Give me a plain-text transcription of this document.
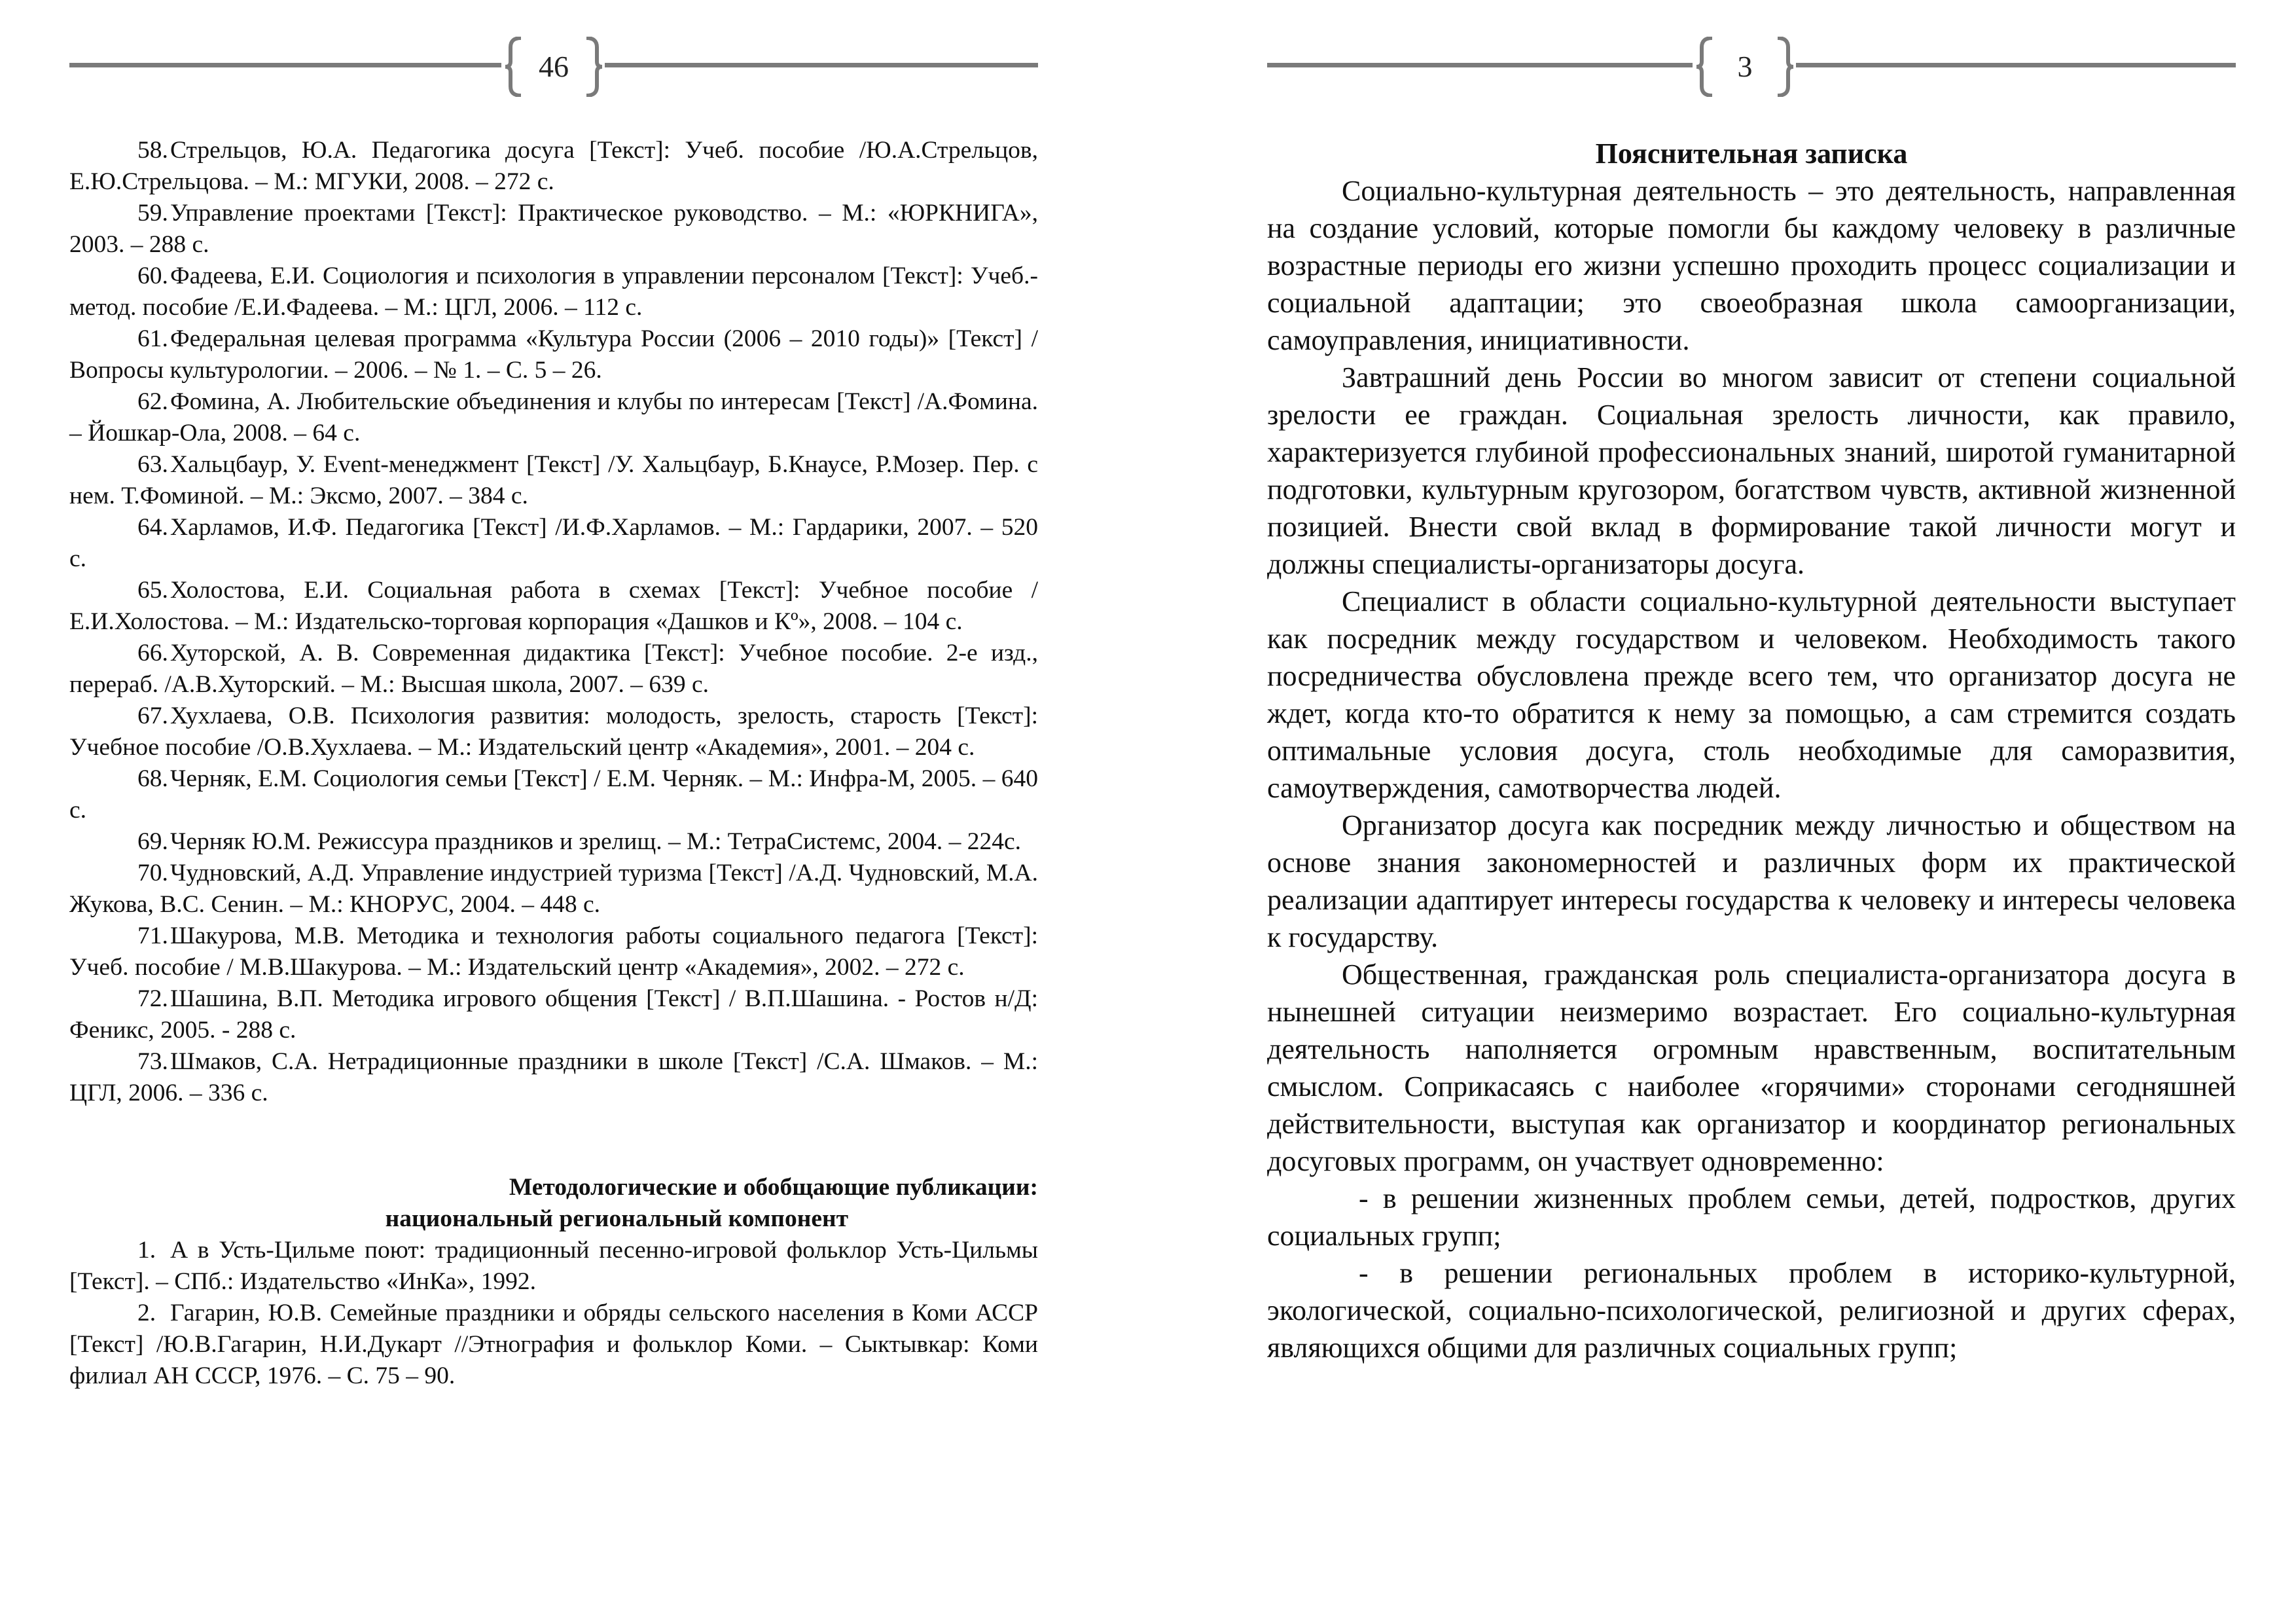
46

58.Стрельцов, Ю.А. Педагогика досуга [Текст]: Учеб. пособие /Ю.А.Стрельцов, Е.Ю.Стрельцова. – М.: МГУКИ, 2008. – 272 с.

59.Управление проектами [Текст]: Практическое руководство. – М.: «ЮРКНИГА», 2003. – 288 с.

60.Фадеева, Е.И. Социология и психология в управлении персоналом [Текст]: Учеб.-метод. пособие /Е.И.Фадеева. – М.: ЦГЛ, 2006. – 112 с.

61.Федеральная целевая программа «Культура России (2006 – 2010 годы)» [Текст] /Вопросы культурологии. – 2006. – № 1. – С. 5 – 26.

62.Фомина, А. Любительские объединения и клубы по интересам [Текст] /А.Фомина. – Йошкар-Ола, 2008. – 64 с.

63.Хальцбаур, У. Event-менеджмент [Текст] /У. Хальцбаур, Б.Кнаусе, Р.Мозер. Пер. с нем. Т.Фоминой. – М.: Эксмо, 2007. – 384 с.

64.Харламов, И.Ф. Педагогика [Текст] /И.Ф.Харламов. – М.: Гардарики, 2007. – 520 с.

65.Холостова, Е.И. Социальная работа в схемах [Текст]: Учебное пособие /Е.И.Холостова. – М.: Издательско-торговая корпорация «Дашков и Кº», 2008. – 104 с.

66.Хуторской, А. В. Современная дидактика [Текст]: Учебное пособие. 2-е изд., перераб. /А.В.Хуторский. – М.: Высшая школа, 2007. – 639 с.

67.Хухлаева, О.В. Психология развития: молодость, зрелость, старость [Текст]: Учебное пособие /О.В.Хухлаева. – М.: Издательский центр «Академия», 2001. – 204 с.

68.Черняк, Е.М. Социология семьи [Текст] / Е.М. Черняк. – М.: Инфра-М, 2005. – 640 с.

69.Черняк Ю.М. Режиссура праздников и зрелищ. – М.: ТетраСистемс, 2004. – 224с.

70.Чудновский, А.Д. Управление индустрией туризма [Текст] /А.Д. Чудновский, М.А. Жукова, В.С. Сенин. – М.: КНОРУС, 2004. – 448 с.

71.Шакурова, М.В. Методика и технология работы социального педагога [Текст]: Учеб. пособие / М.В.Шакурова. – М.: Издательский центр «Академия», 2002. – 272 с.

72.Шашина, В.П. Методика игрового общения [Текст] / В.П.Шашина. - Ростов н/Д: Феникс, 2005. - 288 с.

73.Шмаков, С.А. Нетрадиционные праздники в школе [Текст] /С.А. Шмаков. – М.: ЦГЛ, 2006. – 336 с.

Методологические и обобщающие публикации:
национальный региональный компонент

1. А в Усть-Цильме поют: традиционный песенно-игровой фольклор Усть-Цильмы [Текст]. – СПб.: Издательство «ИнКа», 1992.

2. Гагарин, Ю.В. Семейные праздники и обряды сельского населения в Коми АССР [Текст] /Ю.В.Гагарин, Н.И.Дукарт //Этнография и фольклор Коми. – Сыктывкар: Коми филиал АН СССР, 1976. – С. 75 – 90.

3

Пояснительная записка

Социально-культурная деятельность – это деятельность, направленная на создание условий, которые помогли бы каждому человеку в различные возрастные периоды его жизни успешно проходить процесс социализации и социальной адаптации; это своеобразная школа самоорганизации, самоуправления, инициативности.

Завтрашний день России во многом зависит от степени социальной зрелости ее граждан. Социальная зрелость личности, как правило, характеризуется глубиной профессиональных знаний, широтой гуманитарной подготовки, культурным кругозором, богатством чувств, активной жизненной позицией. Внести свой вклад в формирование такой личности могут и должны специалисты-организаторы досуга.

Специалист в области социально-культурной деятельности выступает как посредник между государством и человеком. Необходимость такого посредничества обусловлена прежде всего тем, что организатор досуга не ждет, когда кто-то обратится к нему за помощью, а сам стремится создать оптимальные условия досуга, столь необходимые для саморазвития, самоутверждения, самотворчества людей.

Организатор досуга как посредник между личностью и обществом на основе знания закономерностей и различных форм их практической реализации адаптирует интересы государства к человеку и интересы человека к государству.

Общественная, гражданская роль специалиста-организатора досуга в нынешней ситуации неизмеримо возрастает. Его социально-культурная деятельность наполняется огромным нравственным, воспитательным смыслом. Соприкасаясь с наиболее «горячими» сторонами сегодняшней действительности, выступая как организатор и координатор региональных досуговых программ, он участвует одновременно:

- в решении жизненных проблем семьи, детей, подростков, других социальных групп;

- в решении региональных проблем в историко-культурной, экологической, социально-психологической, религиозной и других сферах, являющихся общими для различных социальных групп;
